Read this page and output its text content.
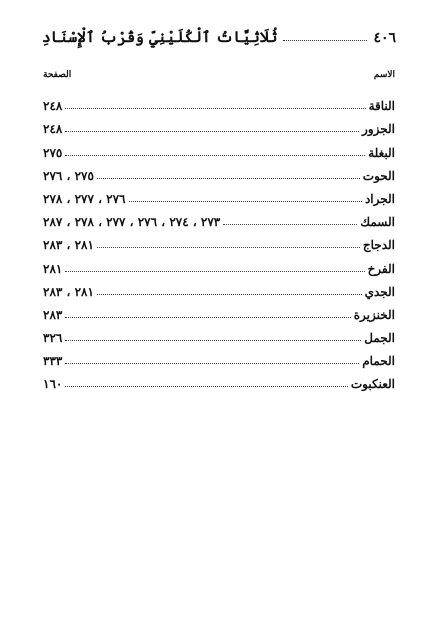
٤٠٦
ثُلَاثِيَّاتُ ٱلْكُلَيْنِيِّ وَقُرْبُ ٱلْإِسْنَادِ
الاسم
الصفحة
الناقة
٢٤٨
الجزور
٢٤٨
البغلة
٢٧٥
الحوت
٢٧٥ ، ٢٧٦
الجراد
٢٧٦ ، ٢٧٧ ، ٢٧٨
السمك
٢٧٣ ، ٢٧٤ ، ٢٧٦ ، ٢٧٧ ، ٢٧٨ ، ٢٨٧
الدجاج
٢٨١ ، ٢٨٣
الفرخ
٢٨١
الجدي
٢٨١ ، ٢٨٣
الخنزيرة
٢٨٣
الجمل
٣٢٦
الحمام
٣٣٣
العنكبوت
١٦٠
